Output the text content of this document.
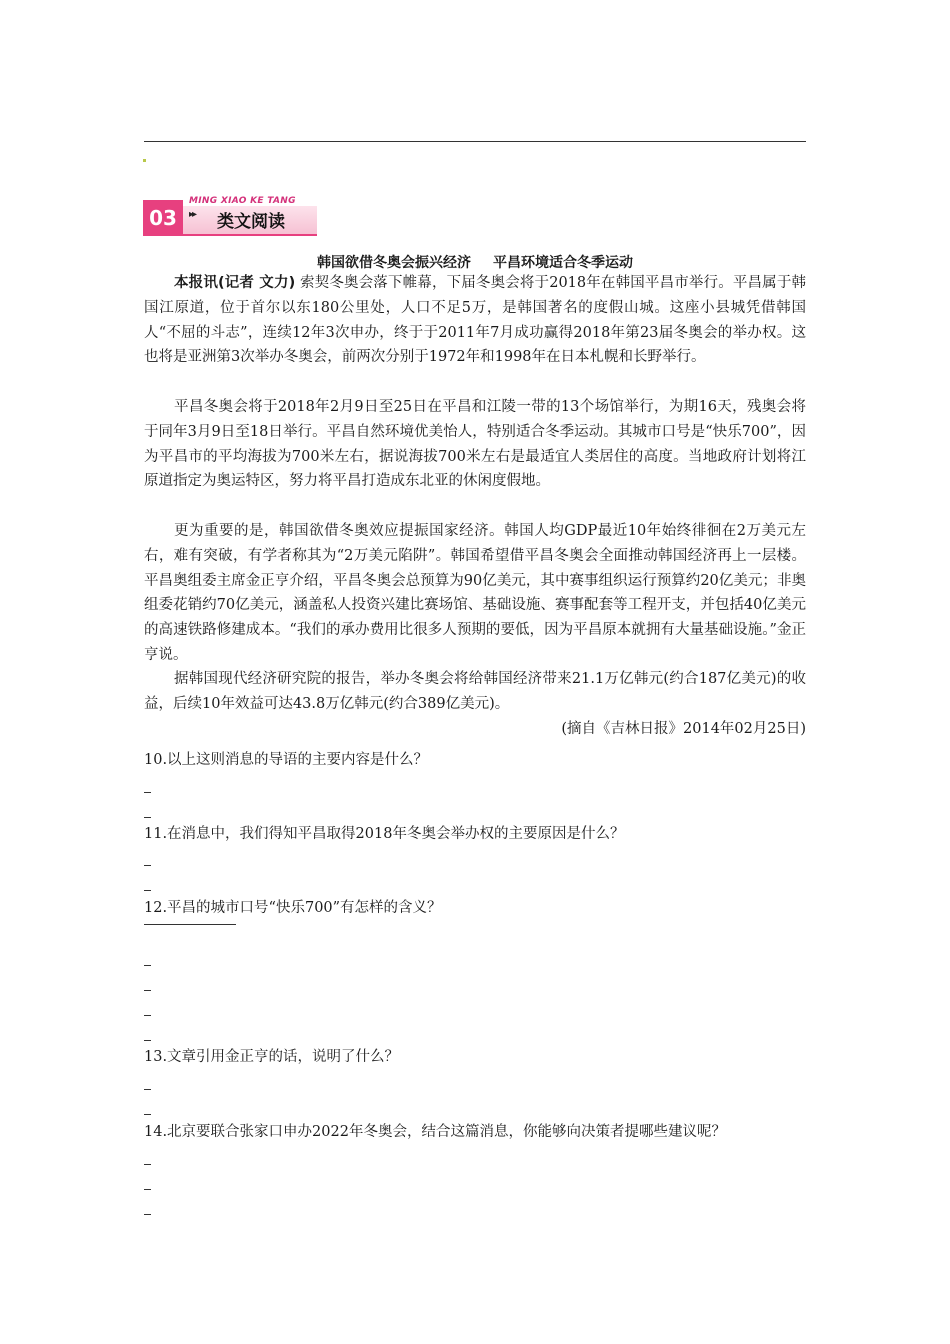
03
MING XIAO KE TANG
▸▸ 类文阅读
韩国欲借冬奥会振兴经济 平昌环境适合冬季运动

本报讯(记者 文力) 索契冬奥会落下帷幕，下届冬奥会将于2018年在韩国平昌市举行。平昌属于韩国江原道，位于首尔以东180公里处，人口不足5万，是韩国著名的度假山城。这座小县城凭借韩国人“不屈的斗志”，连续12年3次申办，终于于2011年7月成功赢得2018年第23届冬奥会的举办权。这也将是亚洲第3次举办冬奥会，前两次分别于1972年和1998年在日本札幌和长野举行。

平昌冬奥会将于2018年2月9日至25日在平昌和江陵一带的13个场馆举行，为期16天，残奥会将于同年3月9日至18日举行。平昌自然环境优美怡人，特别适合冬季运动。其城市口号是“快乐700”，因为平昌市的平均海拔为700米左右，据说海拔700米左右是最适宜人类居住的高度。当地政府计划将江原道指定为奥运特区，努力将平昌打造成东北亚的休闲度假地。

更为重要的是，韩国欲借冬奥效应提振国家经济。韩国人均GDP最近10年始终徘徊在2万美元左右，难有突破，有学者称其为“2万美元陷阱”。韩国希望借平昌冬奥会全面推动韩国经济再上一层楼。平昌奥组委主席金正亨介绍，平昌冬奥会总预算为90亿美元，其中赛事组织运行预算约20亿美元；非奥组委花销约70亿美元，涵盖私人投资兴建比赛场馆、基础设施、赛事配套等工程开支，并包括40亿美元的高速铁路修建成本。“我们的承办费用比很多人预期的要低，因为平昌原本就拥有大量基础设施。”金正亨说。

据韩国现代经济研究院的报告，举办冬奥会将给韩国经济带来21.1万亿韩元(约合187亿美元)的收益，后续10年效益可达43.8万亿韩元(约合389亿美元)。

(摘自《吉林日报》2014年02月25日)
10.以上这则消息的导语的主要内容是什么？
11.在消息中，我们得知平昌取得2018年冬奥会举办权的主要原因是什么？
12.平昌的城市口号“快乐700”有怎样的含义？
13.文章引用金正亨的话，说明了什么？
14.北京要联合张家口申办2022年冬奥会，结合这篇消息，你能够向决策者提哪些建议呢？
